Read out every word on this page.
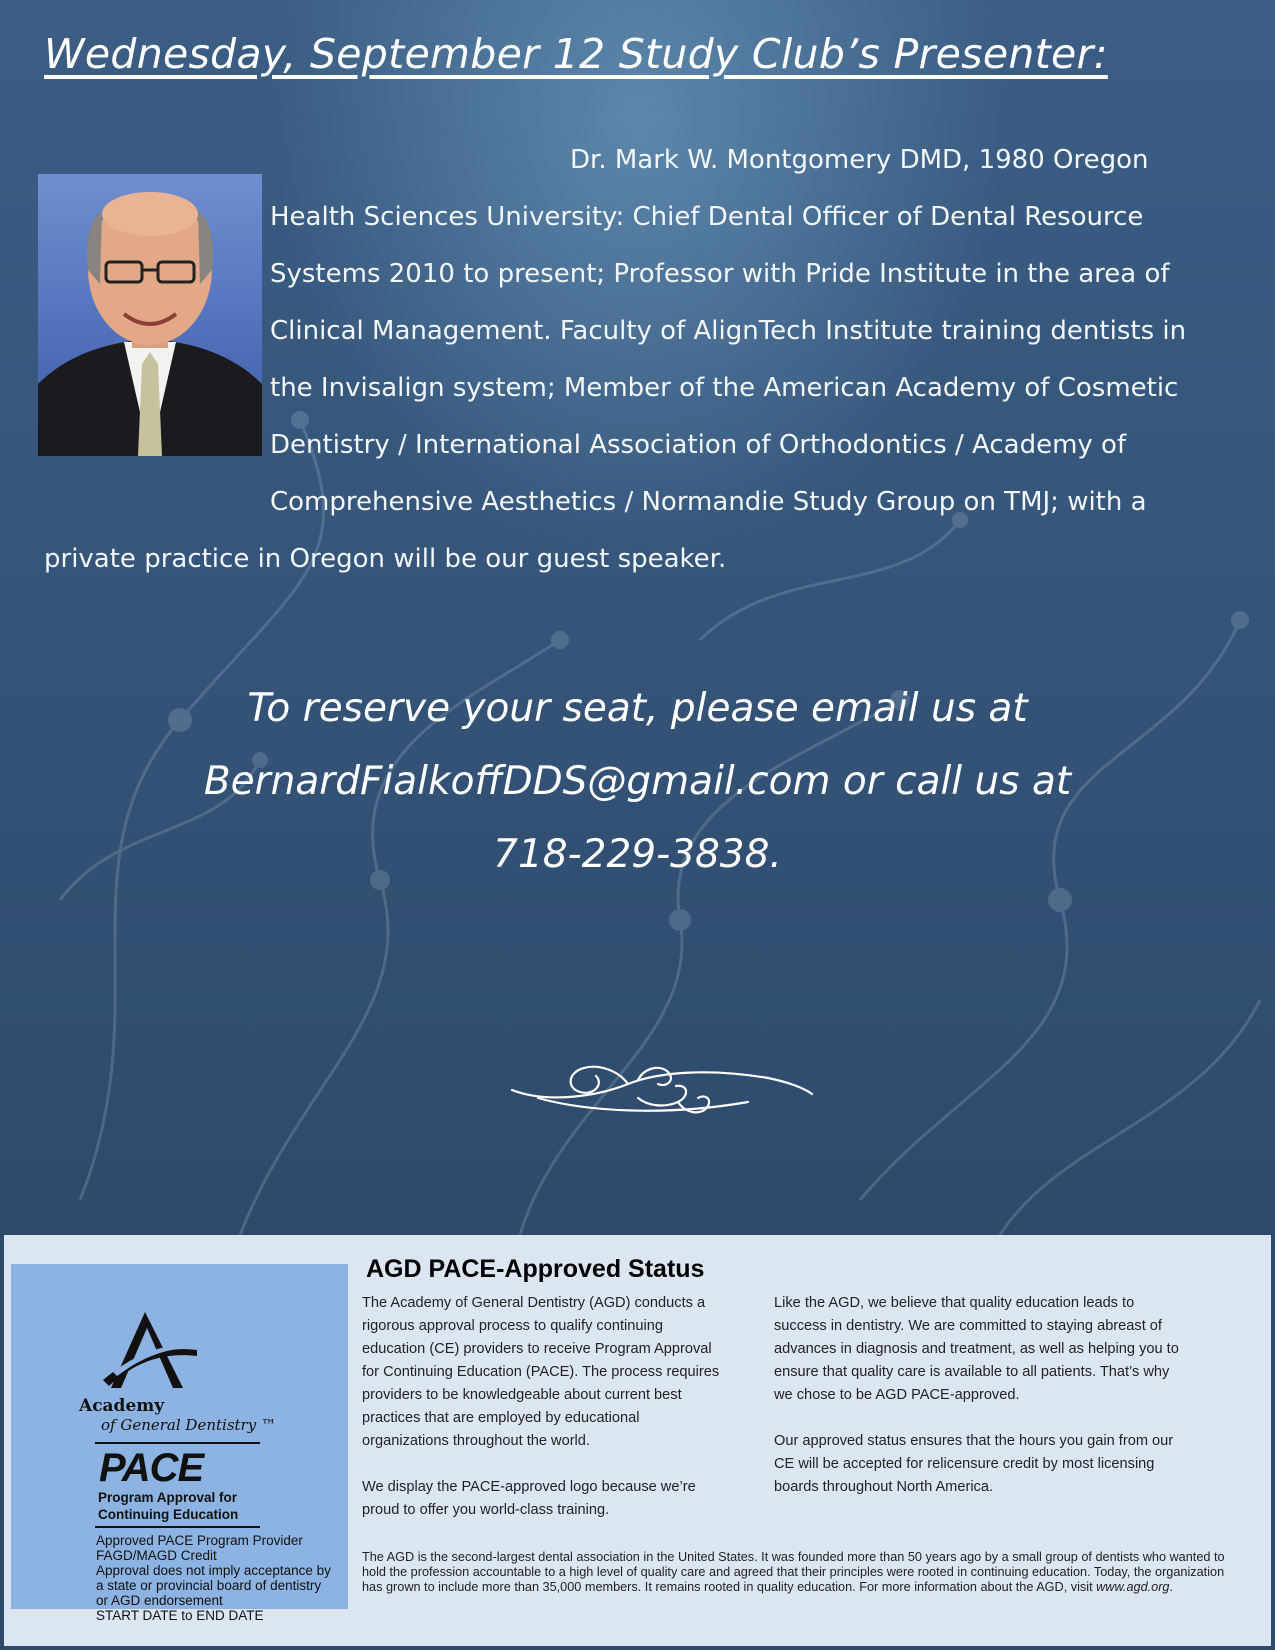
Wednesday, September 12 Study Club’s Presenter:
Dr. Mark W. Montgomery DMD, 1980 Oregon Health Sciences University: Chief Dental Officer of Dental Resource Systems 2010 to present; Professor with Pride Institute in the area of Clinical Management. Faculty of AlignTech Institute training dentists in the Invisalign system; Member of the American Academy of Cosmetic Dentistry / International Association of Orthodontics / Academy of Comprehensive Aesthetics / Normandie Study Group on TMJ; with a private practice in Oregon will be our guest speaker.
To reserve your seat, please email us at
BernardFialkoffDDS@gmail.com or call us at
718-229-3838.
Academy
of General Dentistry ™
PACE
Program Approval for
Continuing Education
Approved PACE Program Provider
FAGD/MAGD Credit
Approval does not imply acceptance by
a state or provincial board of dentistry
or AGD endorsement
START DATE to END DATE
AGD PACE-Approved Status

The Academy of General Dentistry (AGD) conducts a rigorous approval process to qualify continuing education (CE) providers to receive Program Approval for Continuing Education (PACE). The process requires providers to be knowledgeable about current best practices that are employed by educational organizations throughout the world.

We display the PACE-approved logo because we’re proud to offer you world-class training.

Like the AGD, we believe that quality education leads to success in dentistry. We are committed to staying abreast of advances in diagnosis and treatment, as well as helping you to ensure that quality care is available to all patients. That’s why we chose to be AGD PACE-approved.

Our approved status ensures that the hours you gain from our CE will be accepted for relicensure credit by most licensing boards throughout North America.

The AGD is the second-largest dental association in the United States. It was founded more than 50 years ago by a small group of dentists who wanted to hold the profession accountable to a high level of quality care and agreed that their principles were rooted in continuing education. Today, the organization has grown to include more than 35,000 members. It remains rooted in quality education. For more information about the AGD, visit www.agd.org.
